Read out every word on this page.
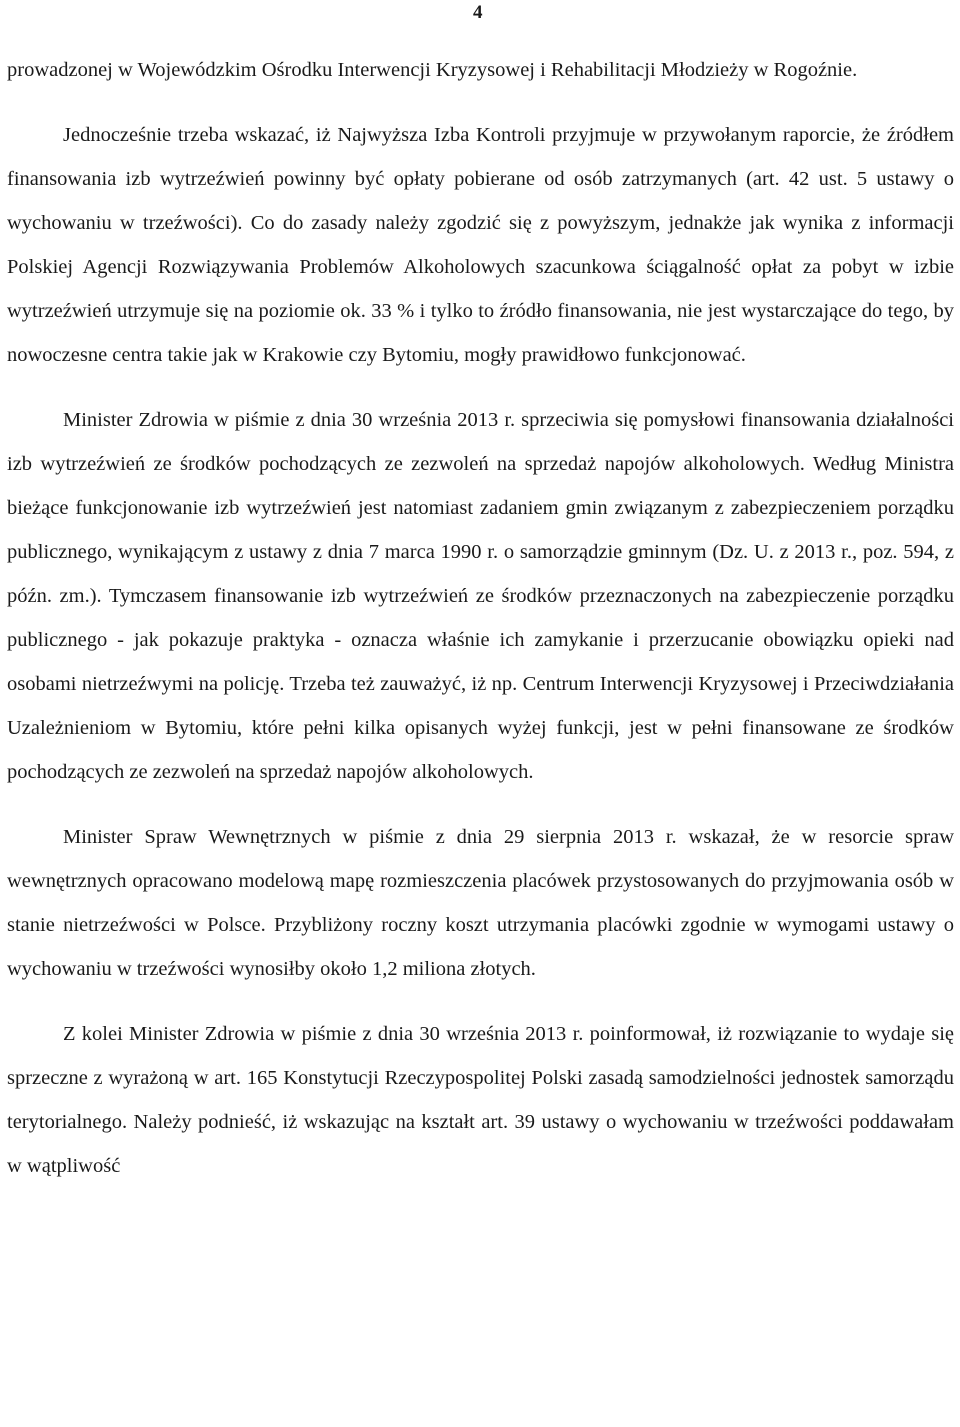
4

prowadzonej w Wojewódzkim Ośrodku Interwencji Kryzysowej i Rehabilitacji Młodzieży w Rogoźnie.

Jednocześnie trzeba wskazać, iż Najwyższa Izba Kontroli przyjmuje w przywołanym raporcie, że źródłem finansowania izb wytrzeźwień powinny być opłaty pobierane od osób zatrzymanych (art. 42 ust. 5 ustawy o wychowaniu w trzeźwości). Co do zasady należy zgodzić się z powyższym, jednakże jak wynika z informacji Polskiej Agencji Rozwiązywania Problemów Alkoholowych szacunkowa ściągalność opłat za pobyt w izbie wytrzeźwień utrzymuje się na poziomie ok. 33 % i tylko to źródło finansowania, nie jest wystarczające do tego, by nowoczesne centra takie jak w Krakowie czy Bytomiu, mogły prawidłowo funkcjonować.

Minister Zdrowia w piśmie z dnia 30 września 2013 r. sprzeciwia się pomysłowi finansowania działalności izb wytrzeźwień ze środków pochodzących ze zezwoleń na sprzedaż napojów alkoholowych. Według Ministra bieżące funkcjonowanie izb wytrzeźwień jest natomiast zadaniem gmin związanym z zabezpieczeniem porządku publicznego, wynikającym z ustawy z dnia 7 marca 1990 r. o samorządzie gminnym (Dz. U. z 2013 r., poz. 594, z późn. zm.). Tymczasem finansowanie izb wytrzeźwień ze środków przeznaczonych na zabezpieczenie porządku publicznego - jak pokazuje praktyka - oznacza właśnie ich zamykanie i przerzucanie obowiązku opieki nad osobami nietrzeźwymi na policję. Trzeba też zauważyć, iż np. Centrum Interwencji Kryzysowej i Przeciwdziałania Uzależnieniom w Bytomiu, które pełni kilka opisanych wyżej funkcji, jest w pełni finansowane ze środków pochodzących ze zezwoleń na sprzedaż napojów alkoholowych.

Minister Spraw Wewnętrznych w piśmie z dnia 29 sierpnia 2013 r. wskazał, że w resorcie spraw wewnętrznych opracowano modelową mapę rozmieszczenia placówek przystosowanych do przyjmowania osób w stanie nietrzeźwości w Polsce. Przybliżony roczny koszt utrzymania placówki zgodnie w wymogami ustawy o wychowaniu w trzeźwości wynosiłby około 1,2 miliona złotych.

Z kolei Minister Zdrowia w piśmie z dnia 30 września 2013 r. poinformował, iż rozwiązanie to wydaje się sprzeczne z wyrażoną w art. 165 Konstytucji Rzeczypospolitej Polski zasadą samodzielności jednostek samorządu terytorialnego. Należy podnieść, iż wskazując na kształt art. 39 ustawy o wychowaniu w trzeźwości poddawałam w wątpliwość
